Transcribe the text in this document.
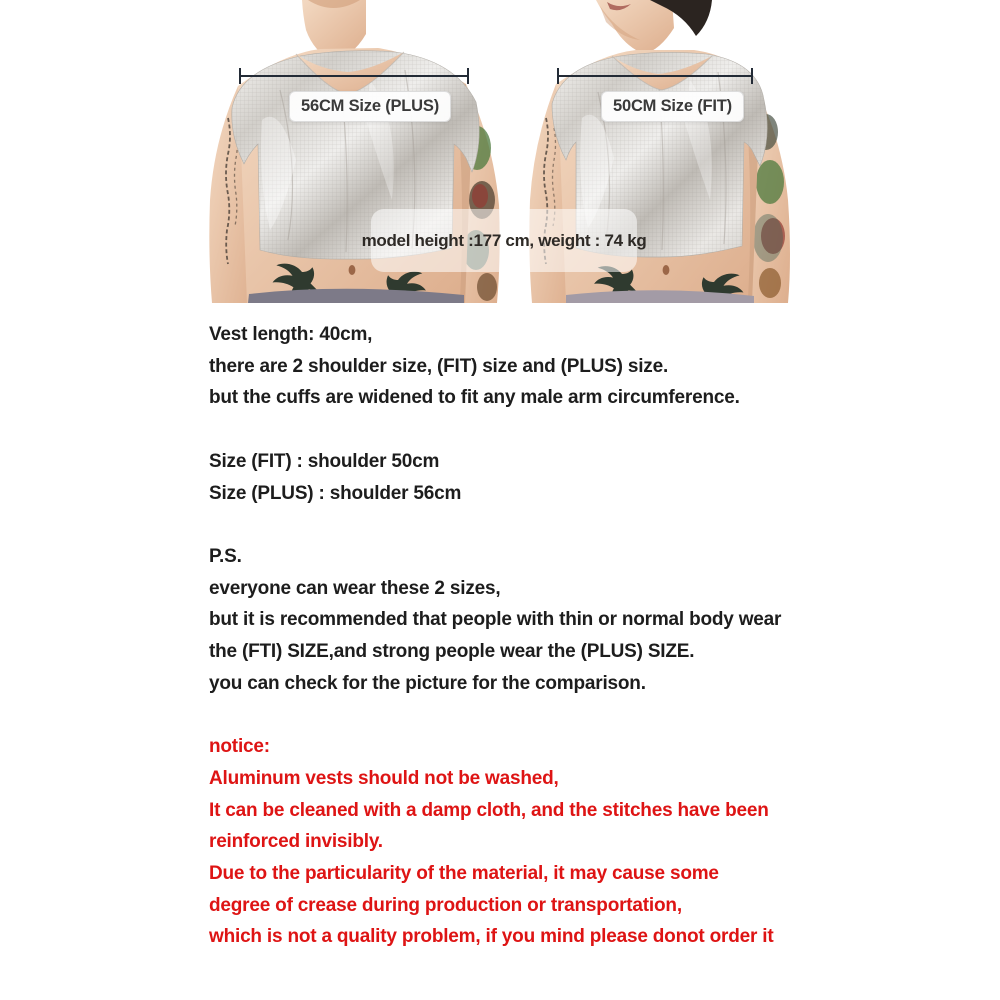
56CM Size (PLUS)	50CM Size (FIT)
model height :177 cm, weight : 74 kg

Vest length: 40cm,

there are 2 shoulder size, (FIT) size and (PLUS) size.

but the cuffs are widened to fit any male arm circumference.

Size (FIT) : shoulder 50cm

Size (PLUS) : shoulder 56cm

P.S.

everyone can wear these 2 sizes,

but it is recommended that people with thin or normal body wear

the (FTI) SIZE,and strong people wear the (PLUS) SIZE.

you can check for the picture for the comparison.

notice:

Aluminum vests should not be washed,

It can be cleaned with a damp cloth, and the stitches have been

reinforced invisibly.

Due to the particularity of the material, it may cause some

degree of crease during production or transportation,

which is not a quality problem, if you mind please donot order it
